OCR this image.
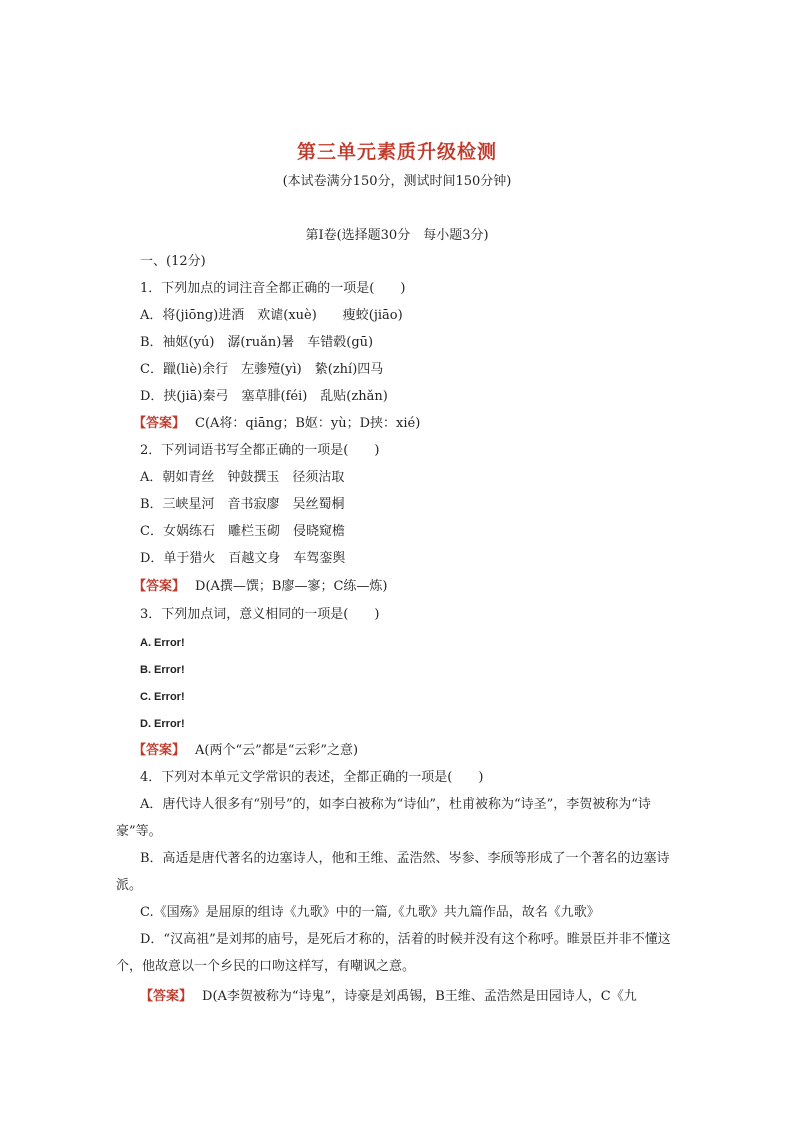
第三单元素质升级检测
(本试卷满分150分，测试时间150分钟)
第Ⅰ卷(选择题30分　每小题3分)
一、(12分)
1．下列加点的词注音全都正确的一项是(　　)
A．将(jiōng)进酒　欢谑(xuè)　　瘦蛟(jiāo)
B．袖妪(yú)　潺(ruǎn)暑　车错毂(gū)
C．躐(liè)余行　左骖殪(yì)　絷(zhí)四马
D．挟(jiā)秦弓　塞草腓(féi)　乱贴(zhǎn)
【答案】 C(A将：qiāng；B妪：yù；D挟：xié)
2．下列词语书写全都正确的一项是(　　)
A．朝如青丝　钟鼓撰玉　径须沽取
B．三峡星河　音书寂廖　吴丝蜀桐
C．女娲练石　雕栏玉砌　侵晓窥檐
D．单于猎火　百越文身　车驾銮舆
【答案】 D(A撰—馔；B廖—寥；C练—炼)
3．下列加点词，意义相同的一项是(　　)
A. Error!
B. Error!
C. Error!
D. Error!
【答案】 A(两个“云”都是“云彩”之意)
4．下列对本单元文学常识的表述，全都正确的一项是(　　)
A．唐代诗人很多有“别号”的，如李白被称为“诗仙”，杜甫被称为“诗圣”，李贺被称为“诗豪”等。
B．高适是唐代著名的边塞诗人，他和王维、孟浩然、岑参、李颀等形成了一个著名的边塞诗派。
C.《国殇》是屈原的组诗《九歌》中的一篇,《九歌》共九篇作品，故名《九歌》
D．“汉高祖”是刘邦的庙号，是死后才称的，活着的时候并没有这个称呼。睢景臣并非不懂这个，他故意以一个乡民的口吻这样写，有嘲讽之意。
【答案】 D(A李贺被称为“诗鬼”，诗豪是刘禹锡，B王维、孟浩然是田园诗人，C《九
